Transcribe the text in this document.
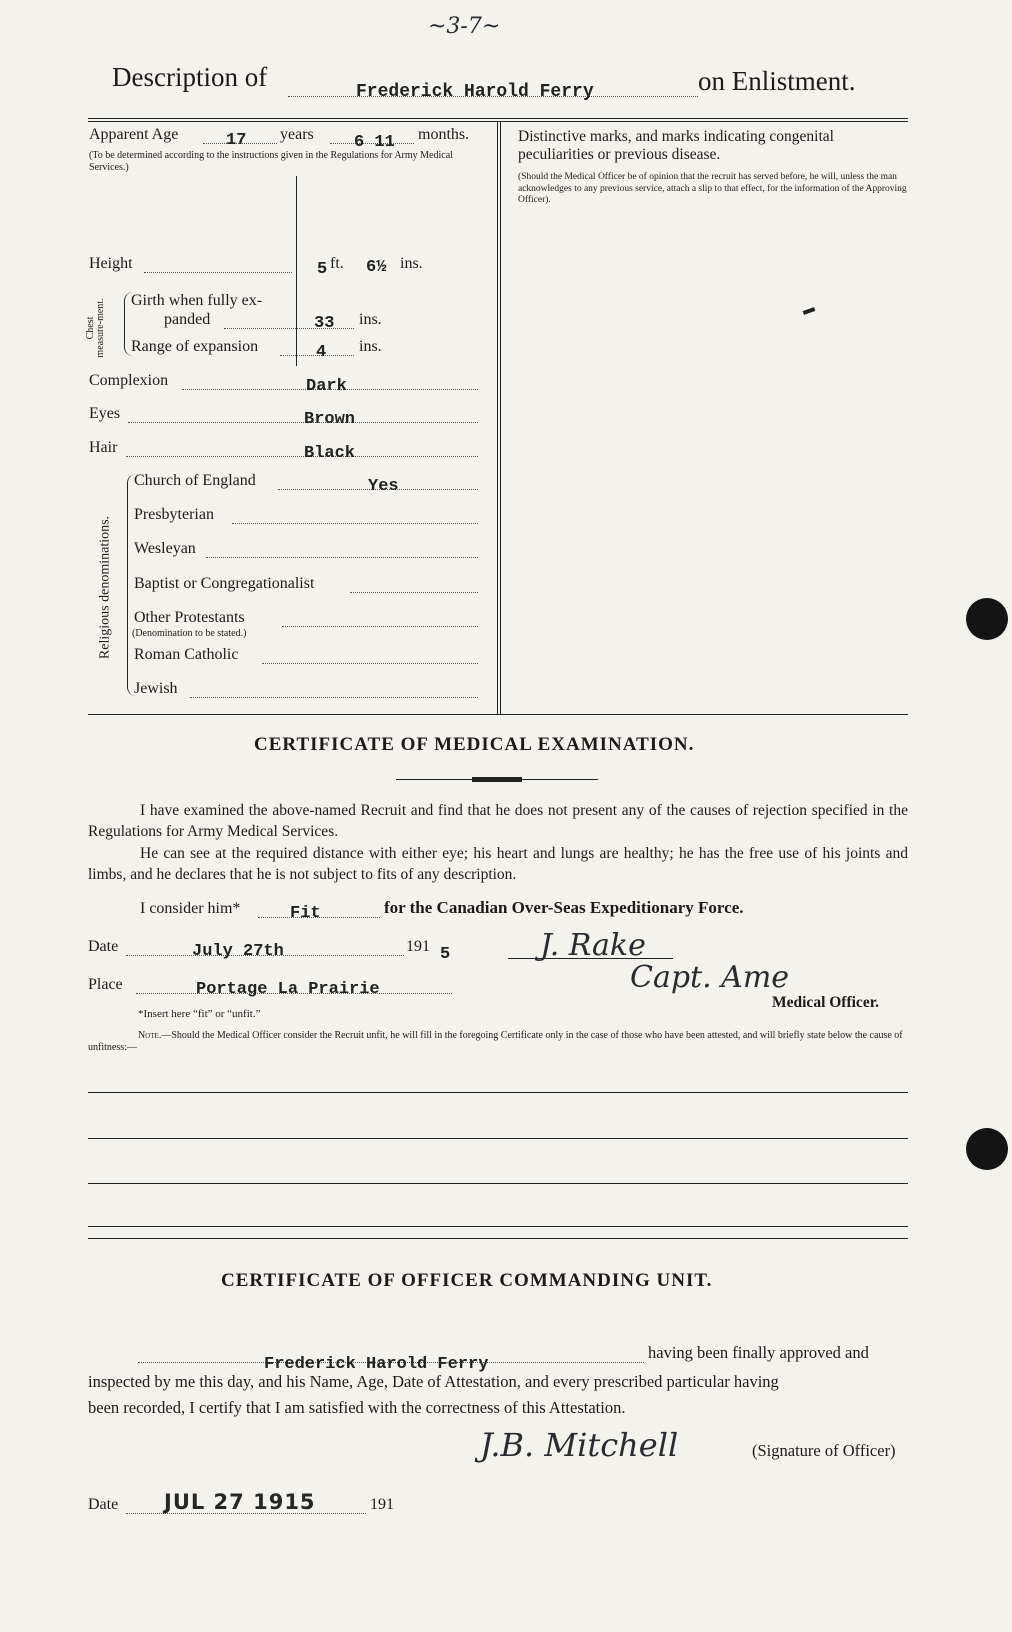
~3-7~
Description of	Frederick Harold Ferry	on Enlistment.
Apparent Age	17 years 6 11 months.
(To be determined according to the instructions given in the Regulations for Army Medical Services.)
Distinctive marks, and marks indicating congenital peculiarities or previous disease.
(Should the Medical Officer be of opinion that the recruit has served before, he will, unless the man acknowledges to any previous service, attach a slip to that effect, for the information of the Approving Officer).
Height	5 ft. 6½ ins.
Chest measure-ment. Girth when fully ex-
panded	33 ins.
Range of expansion	4 ins.
Complexion	Dark
Eyes	Brown
Hair	Black
Religious denominations.
Church of England	Yes
Presbyterian
Wesleyan
Baptist or Congregationalist
Other Protestants
(Denomination to be stated.)
Roman Catholic
Jewish
CERTIFICATE OF MEDICAL EXAMINATION.
I have examined the above-named Recruit and find that he does not present any of the causes of rejection specified in the Regulations for Army Medical Services.
He can see at the required distance with either eye; his heart and lungs are healthy; he has the free use of his joints and limbs, and he declares that he is not subject to fits of any description.
I consider him*	Fit	for the Canadian Over-Seas Expeditionary Force.
Date	July 27th	191 5	J. Rake
Place	Portage La Prairie	Capt. Ame
*Insert here “fit” or “unfit.”
Medical Officer.
Note.—Should the Medical Officer consider the Recruit unfit, he will fill in the foregoing Certificate only in the case of those who have been attested, and will briefly state below the cause of unfitness:—
CERTIFICATE OF OFFICER COMMANDING UNIT.
Frederick Harold Ferry
having been finally approved and
inspected by me this day, and his Name, Age, Date of Attestation, and every prescribed particular having
been recorded, I certify that I am satisfied with the correctness of this Attestation.
J.B. Mitchell	(Signature of Officer)
Date JUL 27 1915	191
